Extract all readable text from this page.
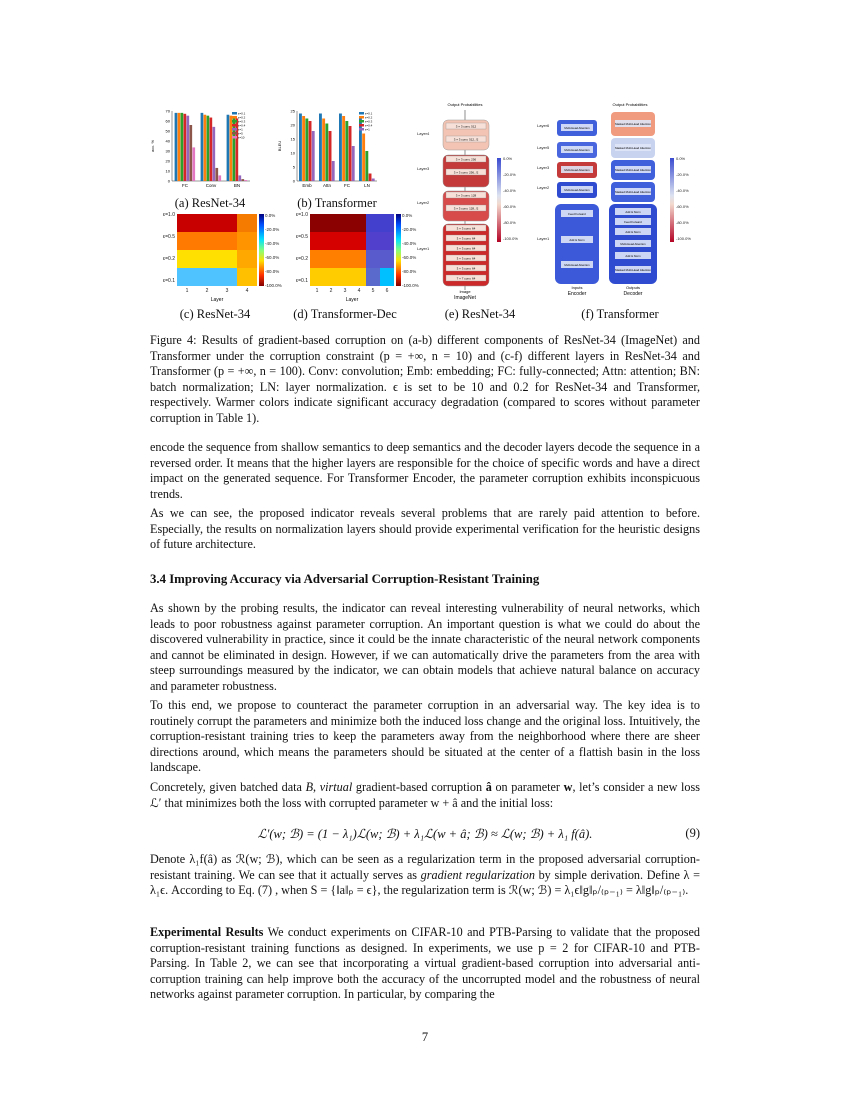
70
60
50
40
30
20
10
0
acc. %
FC	Conv	BN
ε=0.1
ε=0.2
ε=0.3
ε=0.4
ε=1
ε=5
ε=10
25
20
15
10
5
0
BLEU
Emb	Attn	FC	LN
ε=0.1
ε=0.2
ε=0.3
ε=0.4
ε=1
(a) ResNet-34	(b) Transformer
ε=1.0
ε=0.5
ε=0.2
ε=0.1
1	2	3	4
Layer
0.0%
-20.0%
-40.0%
-60.0%
-80.0%
-100.0%
ε=1.0
ε=0.5
ε=0.2
ε=0.1
1 2 3 4 5 6
Layer
0.0%
-20.0%
-40.0%
-60.0%
-80.0%
-100.0%
(c) ResNet-34	(d) Transformer-Dec
Output Probabilities
3 × 3 conv, 512
3 × 3 conv, 512, /2
3 × 3 conv, 256
3 × 3 conv, 256, /2
3 × 3 conv, 128
3 × 3 conv, 128, /2
3 × 3 conv, 64
3 × 3 conv, 64
3 × 3 conv, 64
3 × 3 conv, 64
3 × 3 conv, 64
7 × 7 conv, 64
Layer4
Layer3
Layer2
Layer1
Image
ImageNet
0.0%
-20.0%
-40.0%
-60.0%
-80.0%
-100.0%
(e) ResNet-34
Output Probabilities
Multi-Head Attention
Multi-Head Attention
Multi-Head Attention
Multi-Head Attention
Feed Forward
Add & Norm
Multi-Head Attention
Masked Multi-Head Attention
Masked Multi-Head Attention
Masked Multi-Head Attention
Masked Multi-Head Attention
Add & Norm
Feed Forward
Add & Norm
Multi-Head Attention
Add & Norm
Masked Multi-Head Attention
Layer6
Layer5
Layer3
Layer2
Layer1
Inputs
Encoder
Outputs
Decoder
0.0%
-20.0%
-40.0%
-60.0%
-80.0%
-100.0%
(f) Transformer
Figure 4: Results of gradient-based corruption on (a-b) different components of ResNet-34 (ImageNet) and Transformer under the corruption constraint (p = +∞, n = 10) and (c-f) different layers in ResNet-34 and Transformer (p = +∞, n = 100). Conv: convolution; Emb: embedding; FC: fully-connected; Attn: attention; BN: batch normalization; LN: layer normalization. ϵ is set to be 10 and 0.2 for ResNet-34 and Transformer, respectively. Warmer colors indicate significant accuracy degradation (compared to scores without parameter corruption in Table 1).
encode the sequence from shallow semantics to deep semantics and the decoder layers decode the sequence in a reversed order. It means that the higher layers are responsible for the choice of specific words and have a direct impact on the generated sequence. For Transformer Encoder, the parameter corruption exhibits inconspicuous trends.
As we can see, the proposed indicator reveals several problems that are rarely paid attention to before. Especially, the results on normalization layers should provide experimental verification for the heuristic designs of future architecture.
3.4 Improving Accuracy via Adversarial Corruption-Resistant Training
As shown by the probing results, the indicator can reveal interesting vulnerability of neural networks, which leads to poor robustness against parameter corruption. An important question is what we could do about the discovered vulnerability in practice, since it could be the innate characteristic of the neural network components and cannot be eliminated in design. However, if we can automatically drive the parameters from the area with steep surroundings measured by the indicator, we can obtain models that achieve natural balance on accuracy and parameter robustness.
To this end, we propose to counteract the parameter corruption in an adversarial way. The key idea is to routinely corrupt the parameters and minimize both the induced loss change and the original loss. Intuitively, the corruption-resistant training tries to keep the parameters away from the neighborhood where there are sheer directions around, which means the parameters should be situated at the center of a flattish basin in the loss landscape.
Concretely, given batched data B, virtual gradient-based corruption â on parameter w, let’s consider a new loss ℒ′ that minimizes both the loss with corrupted parameter w + â and the initial loss:
ℒ′(w; ℬ) = (1 − λ₁)ℒ(w; ℬ) + λ₁ℒ(w + â; ℬ) ≈ ℒ(w; ℬ) + λ₁ f(â).	(9)
Denote λ₁f(â) as ℛ(w; ℬ), which can be seen as a regularization term in the proposed adversarial corruption-resistant training. We can see that it actually serves as gradient regularization by simple derivation. Define λ = λ₁ϵ. According to Eq. (7) , when S = {‖a‖ₚ = ϵ}, the regularization term is ℛ(w; ℬ) = λ₁ϵ‖g‖ₚ/₍ₚ₋₁₎ = λ‖g‖ₚ/₍ₚ₋₁₎.
Experimental Results We conduct experiments on CIFAR-10 and PTB-Parsing to validate that the proposed corruption-resistant training functions as designed. In experiments, we use p = 2 for CIFAR-10 and PTB-Parsing. In Table 2, we can see that incorporating a virtual gradient-based corruption into adversarial anti-corruption training can help improve both the accuracy of the uncorrupted model and the robustness of neural networks against parameter corruption. In particular, by comparing the
7
